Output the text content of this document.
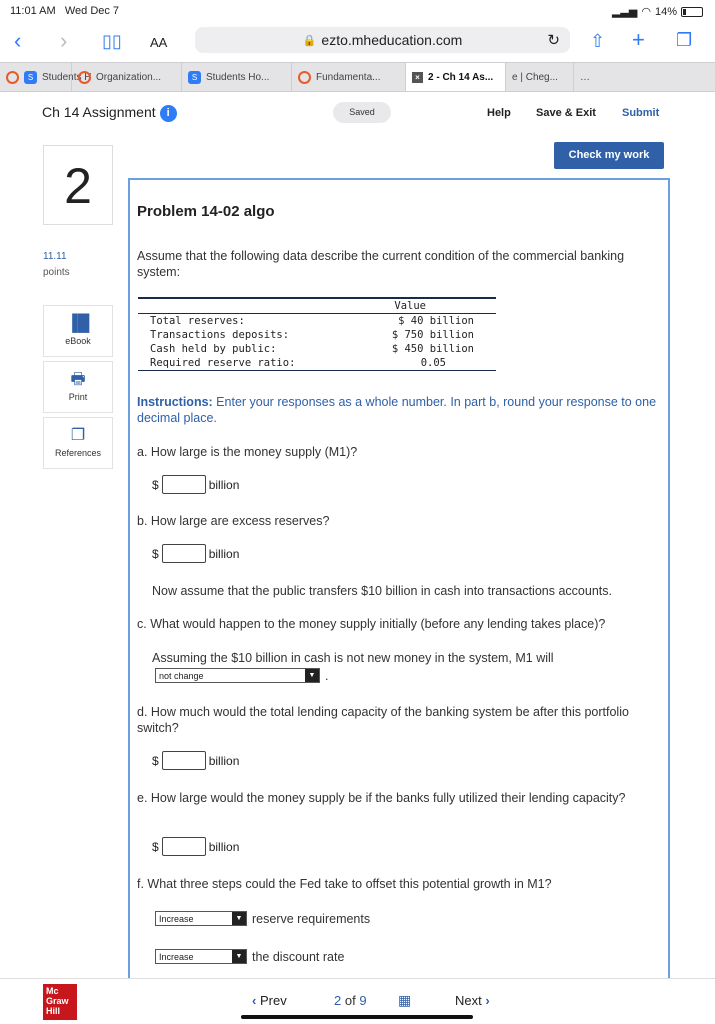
11:01 AM Wed Dec 7	▂▃▅ ◠ 14%
‹ › ▯▯ AA	🔒 ezto.mheducation.com	↻ ⇧ + ❐
S Students H Organization...	S Students Ho...	Fundamenta...	× 2 - Ch 14 As... e | Cheg... …
Ch 14 Assignment i	Saved	Help Save & Exit Submit
Check my work
2
11.11
points
▐█
eBook
🖶
Print
❐
References
Problem 14-02 algo
Assume that the following data describe the current condition of the commercial banking system:
Value
Total reserves:	$ 40 billion
Transactions deposits:	$ 750 billion
Cash held by public:	$ 450 billion
Required reserve ratio:	0.05
Instructions: Enter your responses as a whole number. In part b, round your response to one decimal place.
a. How large is the money supply (M1)?
$	billion
b. How large are excess reserves?
$	billion
Now assume that the public transfers $10 billion in cash into transactions accounts.
c. What would happen to the money supply initially (before any lending takes place)?
Assuming the $10 billion in cash is not new money in the system, M1 will
not change	▼ .
d. How much would the total lending capacity of the banking system be after this portfolio switch?
$	billion
e. How large would the money supply be if the banks fully utilized their lending capacity?
$	billion
f. What three steps could the Fed take to offset this potential growth in M1?
Increase	▼ reserve requirements
Increase	▼ the discount rate
Mc Graw Hill
‹ Prev	2 of 9 ▦	Next ›
